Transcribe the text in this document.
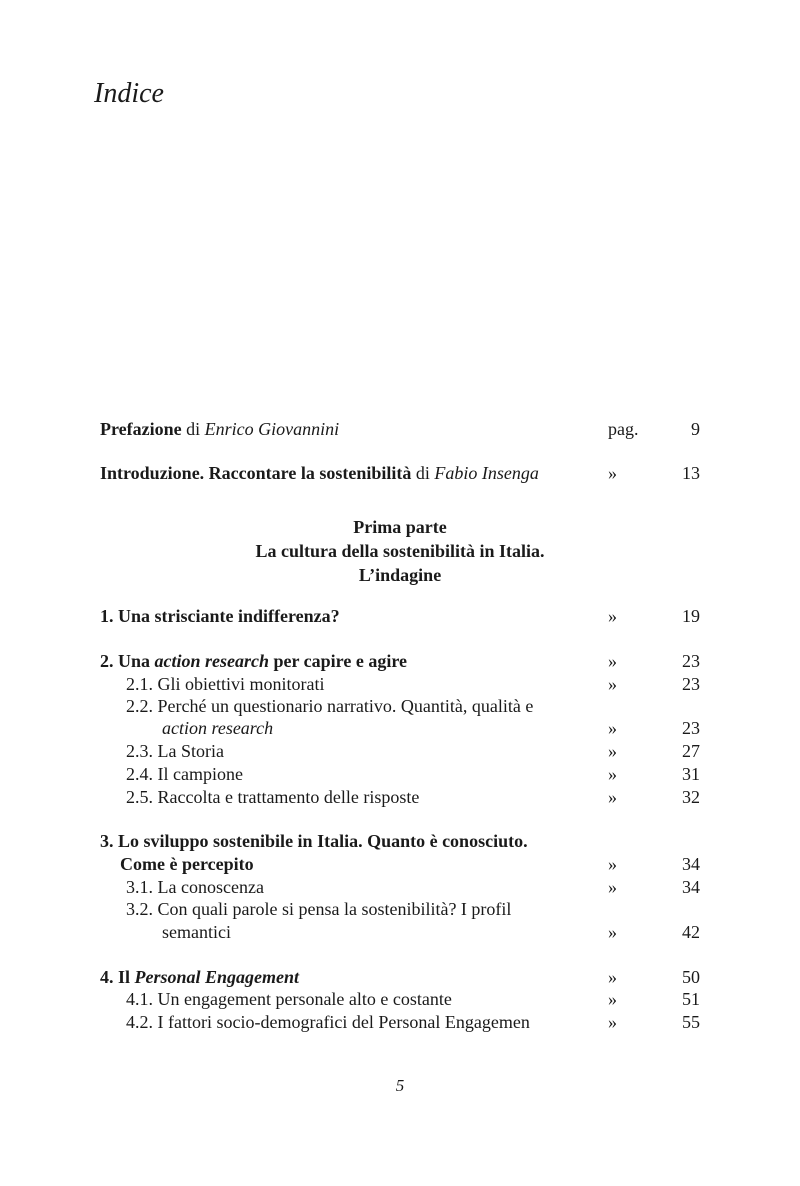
Indice
Prefazione di Enrico Giovannini	pag.	9
Introduzione. Raccontare la sostenibilità di Fabio Insenga	»	13
Prima parte
La cultura della sostenibilità in Italia.
L’indagine
1. Una strisciante indifferenza?	»	19
2. Una action research per capire e agire	»	23
2.1. Gli obiettivi monitorati	»	23
2.2. Perché un questionario narrativo. Quantità, qualità e
action research	»	23
2.3. La Storia	»	27
2.4. Il campione	»	31
2.5. Raccolta e trattamento delle risposte	»	32
3. Lo sviluppo sostenibile in Italia. Quanto è conosciuto.
Come è percepito	»	34
3.1. La conoscenza	»	34
3.2. Con quali parole si pensa la sostenibilità? I profil
semantici	»	42
4. Il Personal Engagement	»	50
4.1. Un engagement personale alto e costante	»	51
4.2. I fattori socio-demografici del Personal Engagemen	»	55
5
